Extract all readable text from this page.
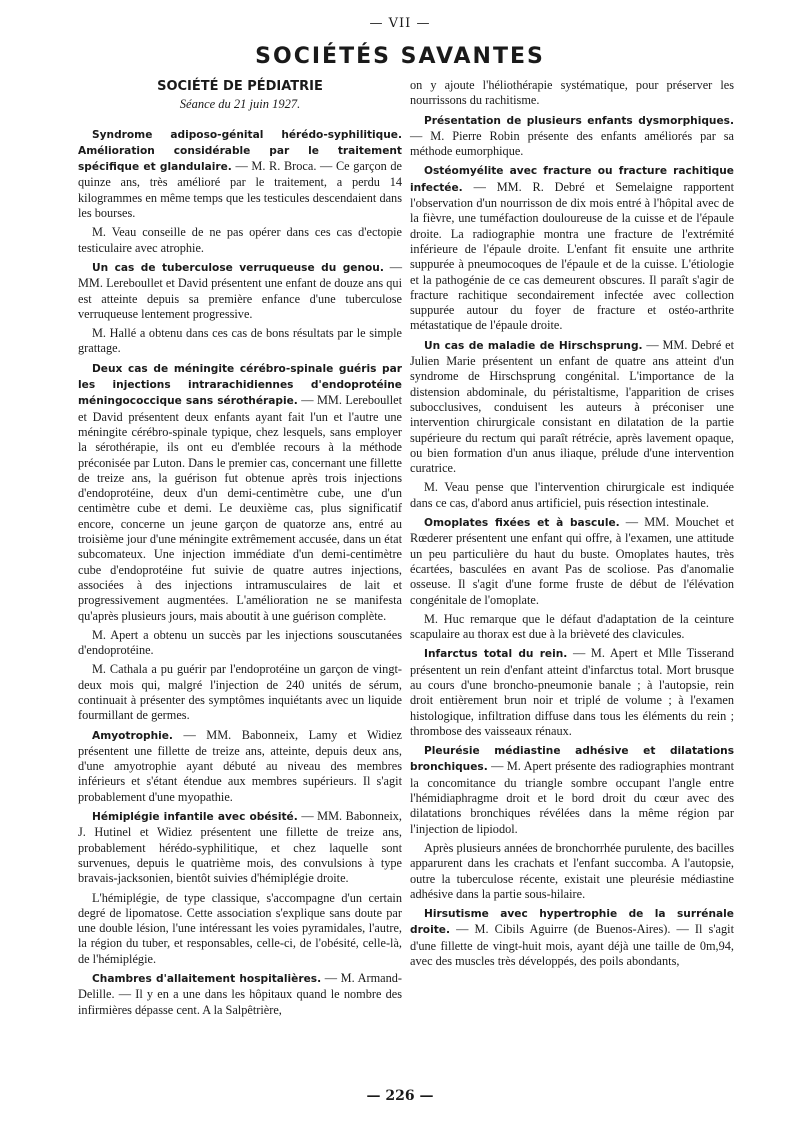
— VII —
SOCIÉTÉS SAVANTES
SOCIÉTÉ DE PÉDIATRIE
Séance du 21 juin 1927.

Syndrome adiposo-génital hérédo-syphilitique. Amélioration considérable par le traitement spécifique et glandulaire. — M. R. Broca. — Ce garçon de quinze ans, très amélioré par le traitement, a perdu 14 kilogrammes en même temps que les testicules descendaient dans les bourses.

M. Veau conseille de ne pas opérer dans ces cas d'ectopie testiculaire avec atrophie.

Un cas de tuberculose verruqueuse du genou. — MM. Lereboullet et David présentent une enfant de douze ans qui est atteinte depuis sa première enfance d'une tuberculose verruqueuse lentement progressive.

M. Hallé a obtenu dans ces cas de bons résultats par le simple grattage.

Deux cas de méningite cérébro-spinale guéris par les injections intrarachidiennes d'endoprotéine méningococcique sans sérothérapie. — MM. Lereboullet et David présentent deux enfants ayant fait l'un et l'autre une méningite cérébro-spinale typique, chez lesquels, sans employer la sérothérapie, ils ont eu d'emblée recours à la méthode préconisée par Luton. Dans le premier cas, concernant une fillette de treize ans, la guérison fut obtenue après trois injections d'endoprotéine, deux d'un demi-centimètre cube, une d'un centimètre cube et demi. Le deuxième cas, plus significatif encore, concerne un jeune garçon de quatorze ans, entré au troisième jour d'une méningite extrêmement accusée, dans un état subcomateux. Une injection immédiate d'un demi-centimètre cube d'endoprotéine fut suivie de quatre autres injections, associées à des injections intramusculaires de lait et progressivement augmentées. L'amélioration ne se manifesta qu'après plusieurs jours, mais aboutit à une guérison complète.

M. Apert a obtenu un succès par les injections souscutanées d'endoprotéine.

M. Cathala a pu guérir par l'endoprotéine un garçon de vingt-deux mois qui, malgré l'injection de 240 unités de sérum, continuait à présenter des symptômes inquiétants avec un liquide fourmillant de germes.

Amyotrophie. — MM. Babonneix, Lamy et Widiez présentent une fillette de treize ans, atteinte, depuis deux ans, d'une amyotrophie ayant débuté au niveau des membres inférieurs et s'étant étendue aux membres supérieurs. Il s'agit probablement d'une myopathie.

Hémiplégie infantile avec obésité. — MM. Babonneix, J. Hutinel et Widiez présentent une fillette de treize ans, probablement hérédo-syphilitique, et chez laquelle sont survenues, depuis le quatrième mois, des convulsions à type bravais-jacksonien, bientôt suivies d'hémiplégie droite.

L'hémiplégie, de type classique, s'accompagne d'un certain degré de lipomatose. Cette association s'explique sans doute par une double lésion, l'une intéressant les voies pyramidales, l'autre, la région du tuber, et responsables, celle-ci, de l'obésité, celle-là, de l'hémiplégie.

Chambres d'allaitement hospitalières. — M. Armand-Delille. — Il y en a une dans les hôpitaux quand le nombre des infirmières dépasse cent. A la Salpêtrière,

on y ajoute l'héliothérapie systématique, pour préserver les nourrissons du rachitisme.

Présentation de plusieurs enfants dysmorphiques. — M. Pierre Robin présente des enfants améliorés par sa méthode eumorphique.

Ostéomyélite avec fracture ou fracture rachitique infectée. — MM. R. Debré et Semelaigne rapportent l'observation d'un nourrisson de dix mois entré à l'hôpital avec de la fièvre, une tuméfaction douloureuse de la cuisse et de l'épaule droite. La radiographie montra une fracture de l'extrémité inférieure de l'épaule droite. L'enfant fit ensuite une arthrite suppurée à pneumocoques de l'épaule et de la cuisse. L'étiologie et la pathogénie de ce cas demeurent obscures. Il paraît s'agir de fracture rachitique secondairement infectée avec collection suppurée autour du foyer de fracture et ostéo-arthrite métastatique de l'épaule droite.

Un cas de maladie de Hirschsprung. — MM. Debré et Julien Marie présentent un enfant de quatre ans atteint d'un syndrome de Hirschsprung congénital. L'importance de la distension abdominale, du péristaltisme, l'apparition de crises subocclusives, conduisent les auteurs à préconiser une intervention chirurgicale consistant en dilatation de la partie supérieure du rectum qui paraît rétrécie, après lavement opaque, ou bien formation d'un anus iliaque, prélude d'une intervention curatrice.

M. Veau pense que l'intervention chirurgicale est indiquée dans ce cas, d'abord anus artificiel, puis résection intestinale.

Omoplates fixées et à bascule. — MM. Mouchet et Rœderer présentent une enfant qui offre, à l'examen, une attitude un peu particulière du haut du buste. Omoplates hautes, très écartées, basculées en avant Pas de scoliose. Pas d'anomalie osseuse. Il s'agit d'une forme fruste de début de l'élévation congénitale de l'omoplate.

M. Huc remarque que le défaut d'adaptation de la ceinture scapulaire au thorax est due à la brièveté des clavicules.

Infarctus total du rein. — M. Apert et Mlle Tisserand présentent un rein d'enfant atteint d'infarctus total. Mort brusque au cours d'une broncho-pneumonie banale ; à l'autopsie, rein droit entièrement brun noir et triplé de volume ; à l'examen histologique, infiltration diffuse dans tous les éléments du rein ; thrombose des vaisseaux rénaux.

Pleurésie médiastine adhésive et dilatations bronchiques. — M. Apert présente des radiographies montrant la concomitance du triangle sombre occupant l'angle entre l'hémidiaphragme droit et le bord droit du cœur avec des dilatations bronchiques révélées dans la même région par l'injection de lipiodol.

Après plusieurs années de bronchorrhée purulente, des bacilles apparurent dans les crachats et l'enfant succomba. A l'autopsie, outre la tuberculose récente, existait une pleurésie médiastine adhésive dans la partie sous-hilaire.

Hirsutisme avec hypertrophie de la surrénale droite. — M. Cibils Aguirre (de Buenos-Aires). — Il s'agit d'une fillette de vingt-huit mois, ayant déjà une taille de 0m,94, avec des muscles très développés, des poils abondants,

— 226 —
